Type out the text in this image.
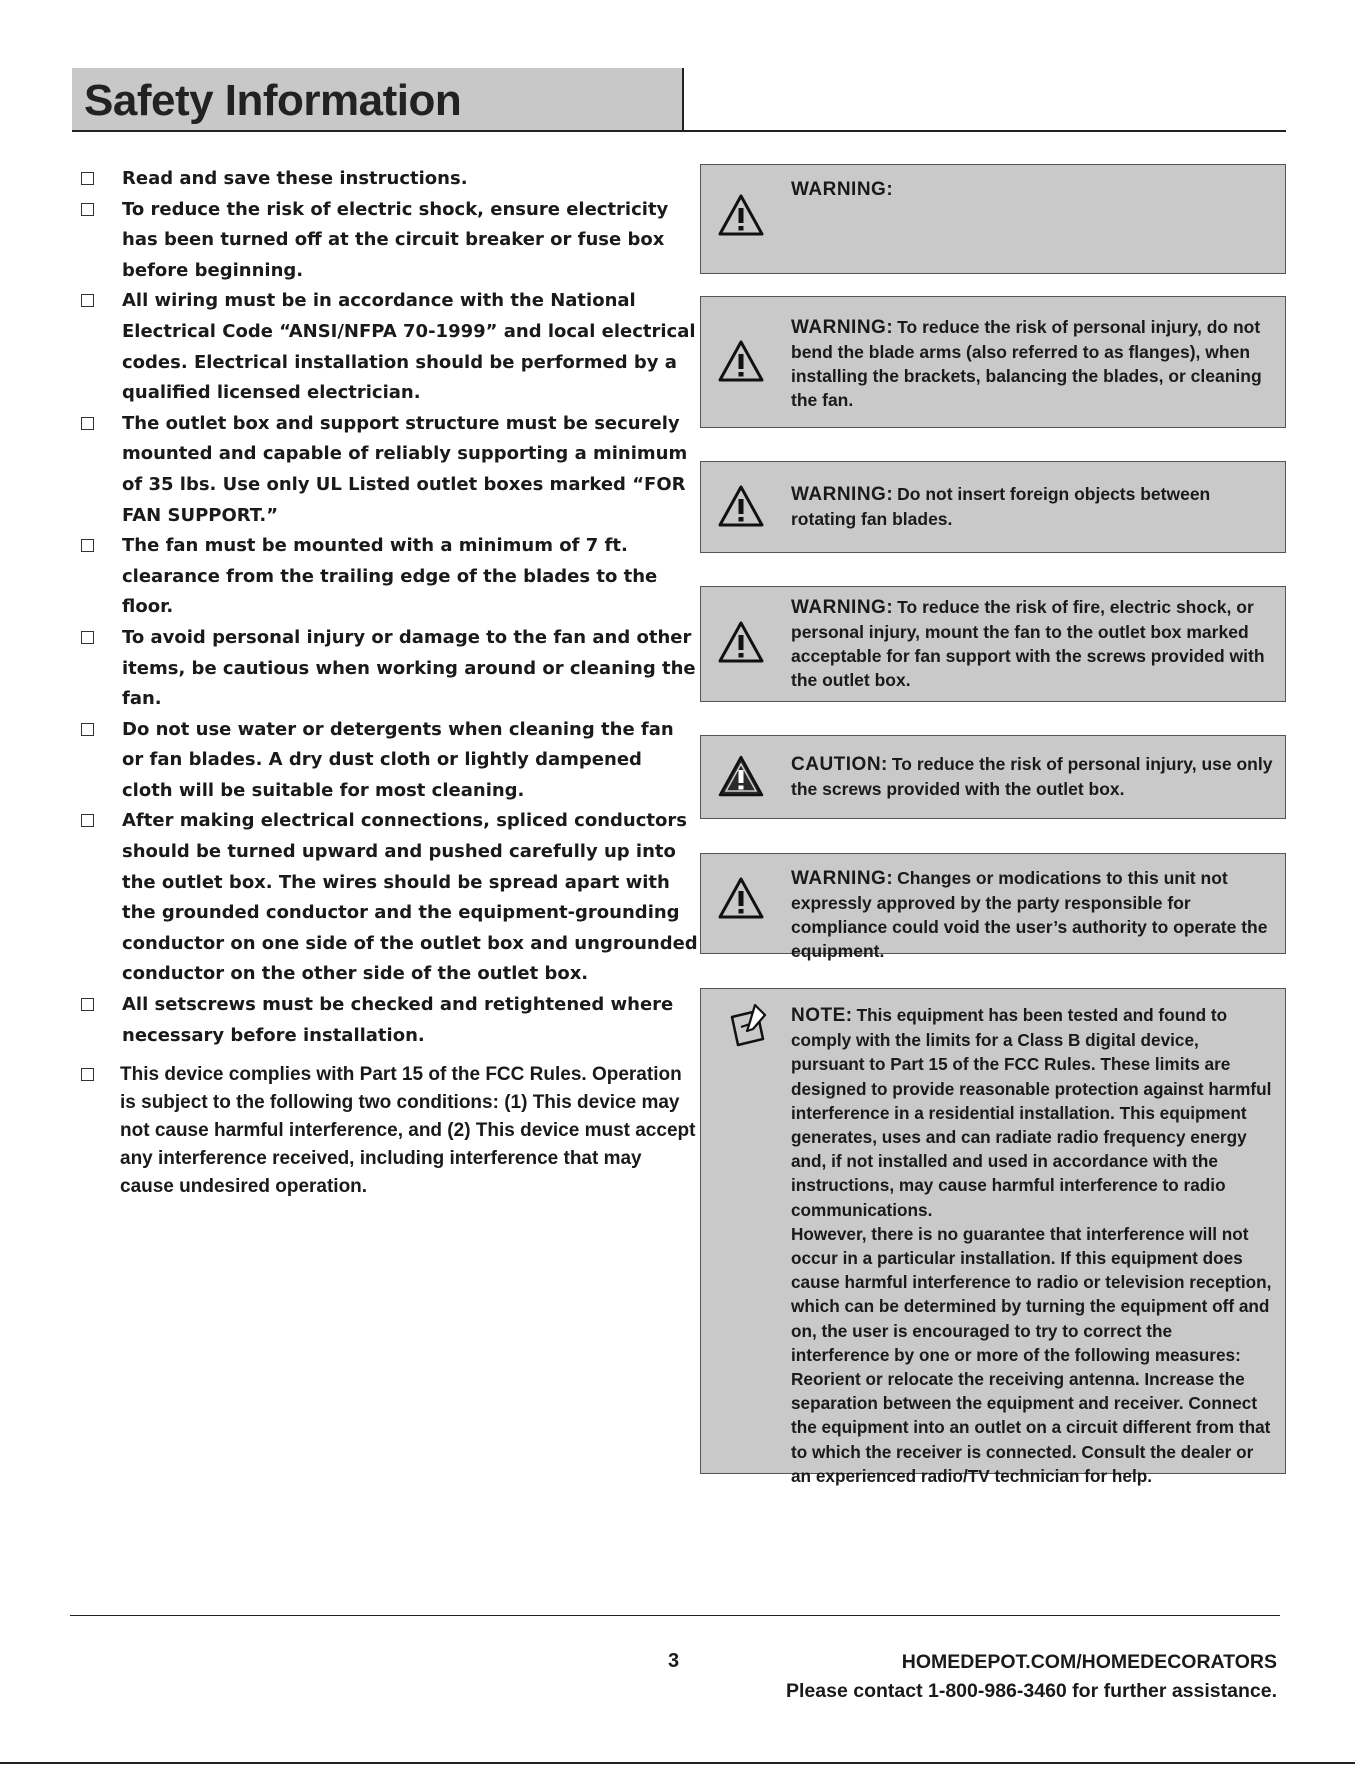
Safety Information
Read and save these instructions.
To reduce the risk of electric shock, ensure electricity has been turned off at the circuit breaker or fuse box before beginning.
All wiring must be in accordance with the National Electrical Code “ANSI/NFPA 70-1999” and local electrical codes. Electrical installation should be performed by a qualified licensed electrician.
The outlet box and support structure must be securely mounted and capable of reliably supporting a minimum of 35 lbs. Use only UL Listed outlet boxes marked “FOR FAN SUPPORT.”
The fan must be mounted with a minimum of 7 ft. clearance from the trailing edge of the blades to the floor.
To avoid personal injury or damage to the fan and other items, be cautious when working around or cleaning the fan.
Do not use water or detergents when cleaning the fan or fan blades. A dry dust cloth or lightly dampened cloth will be suitable for most cleaning.
After making electrical connections, spliced conductors should be turned upward and pushed carefully up into the outlet box. The wires should be spread apart with the grounded conductor and the equipment-grounding conductor on one side of the outlet box and ungrounded conductor on the other side of the outlet box.
All setscrews must be checked and retightened where necessary before installation.
This device complies with Part 15 of the FCC Rules. Operation is subject to the following two conditions: (1) This device may not cause harmful interference, and (2) This device must accept any interference received, including interference that may cause undesired operation.
WARNING:
WARNING: To reduce the risk of personal injury, do not bend the blade arms (also referred to as flanges), when installing the brackets, balancing the blades, or cleaning the fan.
WARNING: Do not insert foreign objects between rotating fan blades.
WARNING: To reduce the risk of fire, electric shock, or personal injury, mount the fan to the outlet box marked acceptable for fan support with the screws provided with the outlet box.
CAUTION: To reduce the risk of personal injury, use only the screws provided with the outlet box.
WARNING: Changes or modications to this unit not expressly approved by the party responsible for compliance could void the user’s authority to operate the equipment.
NOTE: This equipment has been tested and found to comply with the limits for a Class B digital device, pursuant to Part 15 of the FCC Rules. These limits are designed to provide reasonable protection against harmful interference in a residential installation. This equipment generates, uses and can radiate radio frequency energy and, if not installed and used in accordance with the instructions, may cause harmful interference to radio communications.
However, there is no guarantee that interference will not occur in a particular installation. If this equipment does cause harmful interference to radio or television reception, which can be determined by turning the equipment off and on, the user is encouraged to try to correct the interference by one or more of the following measures: Reorient or relocate the receiving antenna. Increase the separation between the equipment and receiver. Connect the equipment into an outlet on a circuit different from that to which the receiver is connected. Consult the dealer or an experienced radio/TV technician for help.
3	HOMEDEPOT.COM/HOMEDECORATORS
Please contact 1-800-986-3460 for further assistance.
